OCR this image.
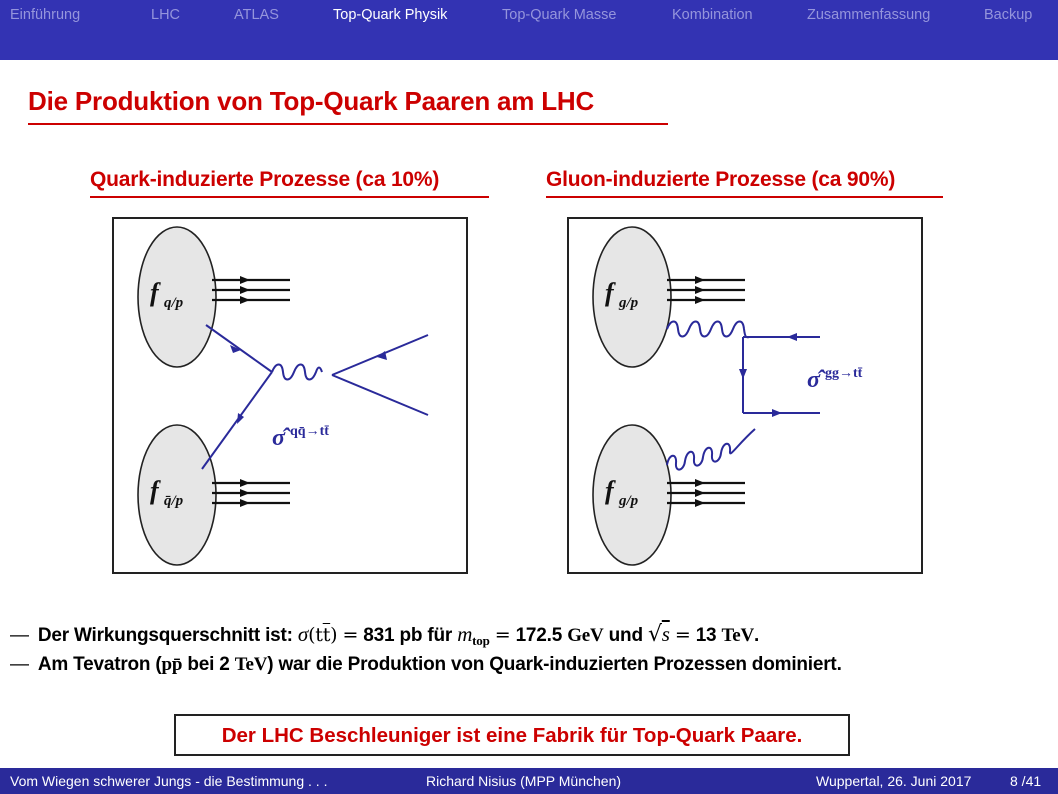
Einführung	LHC	ATLAS	Top-Quark Physik	Top-Quark Masse	Kombination	Zusammenfassung	Backup
Die Produktion von Top-Quark Paaren am LHC
Quark-induzierte Prozesse (ca 10%)	Gluon-induzierte Prozesse (ca 90%)
f q/p
f q̄/p
σ̂ qq̄→tt̄
f g/p
f g/p
σ̂ gg→tt̄
— Der Wirkungsquerschnitt ist: $\sigma(t\overline{t}) = 831$ pb für $m_{top} = 172.5$ GeV und √s = 13 TeV.
— Am Tevatron (pp̄ bei 2 TeV) war die Produktion von Quark-induzierten Prozessen dominiert.
Der LHC Beschleuniger ist eine Fabrik für Top-Quark Paare.
Vom Wiegen schwerer Jungs - die Bestimmung . . .	Richard Nisius (MPP München)	Wuppertal, 26. Juni 2017	8 /41
